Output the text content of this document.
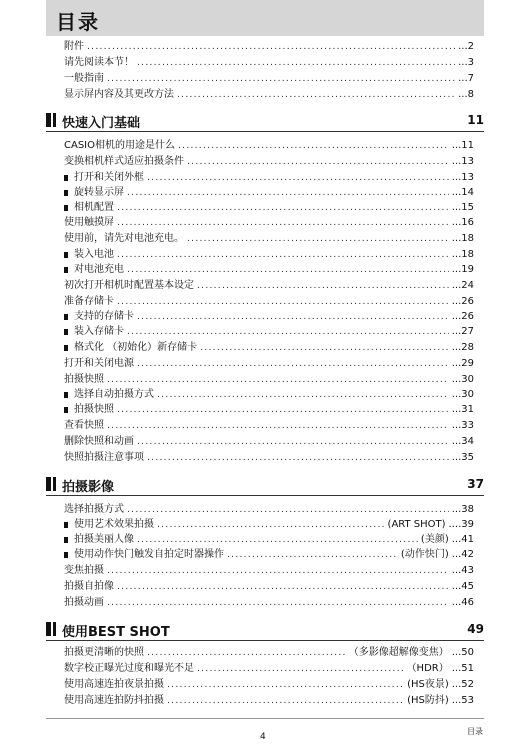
目录
附件 .....	...2
请先阅读本节！ .....	...3
一般指南 .....	...7
显示屏内容及其更改方法 .....	...8
快速入门基础	11
CASIO相机的用途是什么 .....	...11
变换相机样式适应拍摄条件 .....	...13
打开和关闭外框 .....	...13
旋转显示屏 .....	...14
相机配置 .....	...15
使用触摸屏 .....	...16
使用前，请先对电池充电。 .....	...18
装入电池 .....	...18
对电池充电 .....	...19
初次打开相机时配置基本设定 .....	...24
准备存储卡 .....	...26
支持的存储卡 .....	...26
装入存储卡 .....	...27
格式化 （初始化）新存储卡 .....	...28
打开和关闭电源 .....	...29
拍摄快照 .....	...30
选择自动拍摄方式 .....	...30
拍摄快照 .....	...31
查看快照 .....	...33
删除快照和动画 .....	...34
快照拍摄注意事项 .....	...35
拍摄影像	37
选择拍摄方式 .....	...38
使用艺术效果拍摄 .....	(ART SHOT) ....39
拍摄美丽人像 .....	(美颜) ...41
使用动作快门触发自拍定时器操作 .....	(动作快门) ...42
变焦拍摄 .....	...43
拍摄自拍像 .....	...45
拍摄动画 .....	...46
使用BEST SHOT	49
拍摄更清晰的快照 .....	（多影像超解像变焦） ...50
数字校正曝光过度和曝光不足 .....	（HDR） ...51
使用高速连拍夜景拍摄 .....	(HS夜景) ...52
使用高速连拍防抖拍摄 .....	(HS防抖) ...53
4
目录
